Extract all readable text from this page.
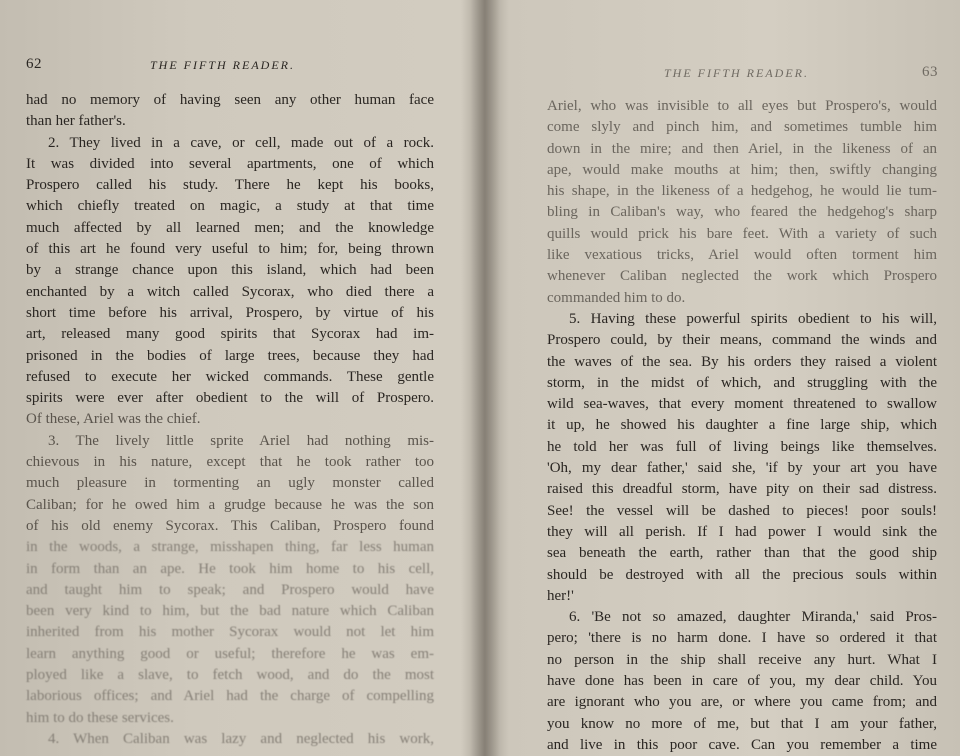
62	THE FIFTH READER.
had no memory of having seen any other human face
than her father's.
2. They lived in a cave, or cell, made out of a rock.
It was divided into several apartments, one of which
Prospero called his study. There he kept his books,
which chiefly treated on magic, a study at that time
much affected by all learned men; and the knowledge
of this art he found very useful to him; for, being thrown
by a strange chance upon this island, which had been
enchanted by a witch called Sycorax, who died there a
short time before his arrival, Prospero, by virtue of his
art, released many good spirits that Sycorax had im-
prisoned in the bodies of large trees, because they had
refused to execute her wicked commands. These gentle
spirits were ever after obedient to the will of Prospero.
Of these, Ariel was the chief.
3. The lively little sprite Ariel had nothing mis-
chievous in his nature, except that he took rather too
much pleasure in tormenting an ugly monster called
Caliban; for he owed him a grudge because he was the son
of his old enemy Sycorax. This Caliban, Prospero found
in the woods, a strange, misshapen thing, far less human
in form than an ape. He took him home to his cell,
and taught him to speak; and Prospero would have
been very kind to him, but the bad nature which Caliban
inherited from his mother Sycorax would not let him
learn anything good or useful; therefore he was em-
ployed like a slave, to fetch wood, and do the most
laborious offices; and Ariel had the charge of compelling
him to do these services.
4. When Caliban was lazy and neglected his work,
THE FIFTH READER.	63
Ariel, who was invisible to all eyes but Prospero's, would
come slyly and pinch him, and sometimes tumble him
down in the mire; and then Ariel, in the likeness of an
ape, would make mouths at him; then, swiftly changing
his shape, in the likeness of a hedgehog, he would lie tum-
bling in Caliban's way, who feared the hedgehog's sharp
quills would prick his bare feet. With a variety of such
like vexatious tricks, Ariel would often torment him
whenever Caliban neglected the work which Prospero
commanded him to do.
5. Having these powerful spirits obedient to his will,
Prospero could, by their means, command the winds and
the waves of the sea. By his orders they raised a violent
storm, in the midst of which, and struggling with the
wild sea-waves, that every moment threatened to swallow
it up, he showed his daughter a fine large ship, which
he told her was full of living beings like themselves.
'Oh, my dear father,' said she, 'if by your art you have
raised this dreadful storm, have pity on their sad distress.
See! the vessel will be dashed to pieces! poor souls!
they will all perish. If I had power I would sink the
sea beneath the earth, rather than that the good ship
should be destroyed with all the precious souls within
her!'
6. 'Be not so amazed, daughter Miranda,' said Pros-
pero; 'there is no harm done. I have so ordered it that
no person in the ship shall receive any hurt. What I
have done has been in care of you, my dear child. You
are ignorant who you are, or where you came from; and
you know no more of me, but that I am your father,
and live in this poor cave. Can you remember a time
